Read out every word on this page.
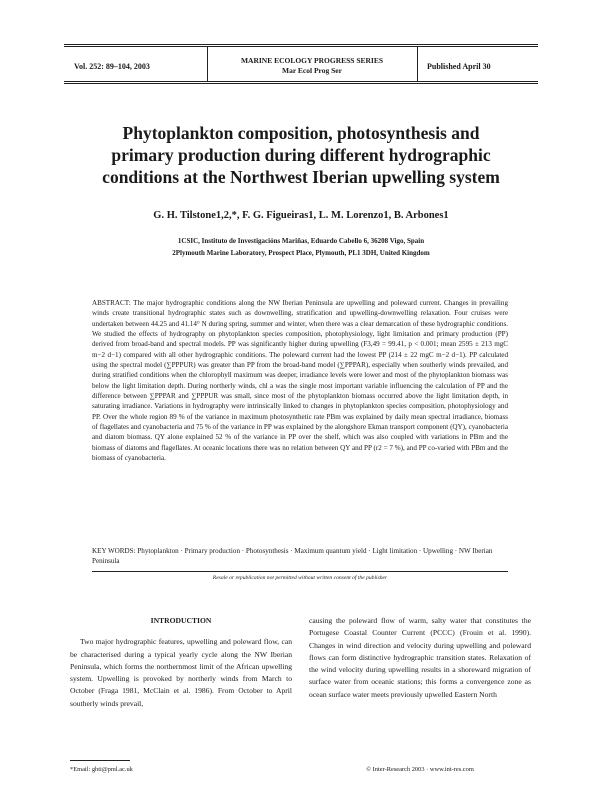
Vol. 252: 89–104, 2003
MARINE ECOLOGY PROGRESS SERIES
Mar Ecol Prog Ser	Published April 30
Phytoplankton composition, photosynthesis and
primary production during different hydrographic
conditions at the Northwest Iberian upwelling system
G. H. Tilstone1,2,*, F. G. Figueiras1, L. M. Lorenzo1, B. Arbones1
1CSIC, Instituto de Investigacións Mariñas, Eduardo Cabello 6, 36208 Vigo, Spain
2Plymouth Marine Laboratory, Prospect Place, Plymouth, PL1 3DH, United Kingdom
ABSTRACT: The major hydrographic conditions along the NW Iberian Peninsula are upwelling and poleward current. Changes in prevailing winds create transitional hydrographic states such as downwelling, stratification and upwelling-downwelling relaxation. Four cruises were undertaken between 44.25 and 41.14° N during spring, summer and winter, when there was a clear demarcation of these hydrographic conditions. We studied the effects of hydrography on phytoplankton species composition, photophysiology, light limitation and primary production (PP) derived from broad-band and spectral models. PP was significantly higher during upwelling (F3,49 = 99.41, p < 0.001; mean 2595 ± 213 mgC m−2 d−1) compared with all other hydrographic conditions. The poleward current had the lowest PP (214 ± 22 mgC m−2 d−1). PP calculated using the spectral model (∑PPPUR) was greater than PP from the broad-band model (∑PPPAR), especially when southerly winds prevailed, and during stratified conditions when the chlorophyll maximum was deeper, irradiance levels were lower and most of the phytoplankton biomass was below the light limitation depth. During northerly winds, chl a was the single most important variable influencing the calculation of PP and the difference between ∑PPPAR and ∑PPPUR was small, since most of the phytoplankton biomass occurred above the light limitation depth, in saturating irradiance. Variations in hydrography were intrinsically linked to changes in phytoplankton species composition, photophysiology and PP. Over the whole region 89 % of the variance in maximum photosynthetic rate PBm was explained by daily mean spectral irradiance, biomass of flagellates and cyanobacteria and 75 % of the variance in PP was explained by the alongshore Ekman transport component (QY), cyanobacteria and diatom biomass. QY alone explained 52 % of the variance in PP over the shelf, which was also coupled with variations in PBm and the biomass of diatoms and flagellates. At oceanic locations there was no relation between QY and PP (r2 = 7 %), and PP co-varied with PBm and the biomass of cyanobacteria.
KEY WORDS: Phytoplankton · Primary production · Photosynthesis · Maximum quantum yield · Light limitation · Upwelling · NW Iberian Peninsula
Resale or republication not permitted without written consent of the publisher
INTRODUCTION

Two major hydrographic features, upwelling and poleward flow, can be characterised during a typical yearly cycle along the NW Iberian Peninsula, which forms the northernmost limit of the African upwelling system. Upwelling is provoked by northerly winds from March to October (Fraga 1981, McClain et al. 1986). From October to April southerly winds prevail,

causing the poleward flow of warm, salty water that constitutes the Portugese Coastal Counter Current (PCCC) (Frouin et al. 1990). Changes in wind direction and velocity during upwelling and poleward flows can form distinctive hydrographic transition states. Relaxation of the wind velocity during upwelling results in a shoreward migration of surface water from oceanic stations; this forms a convergence zone as ocean surface water meets previously upwelled Eastern North

*Email: ghti@pml.ac.uk	© Inter-Research 2003 · www.int-res.com
